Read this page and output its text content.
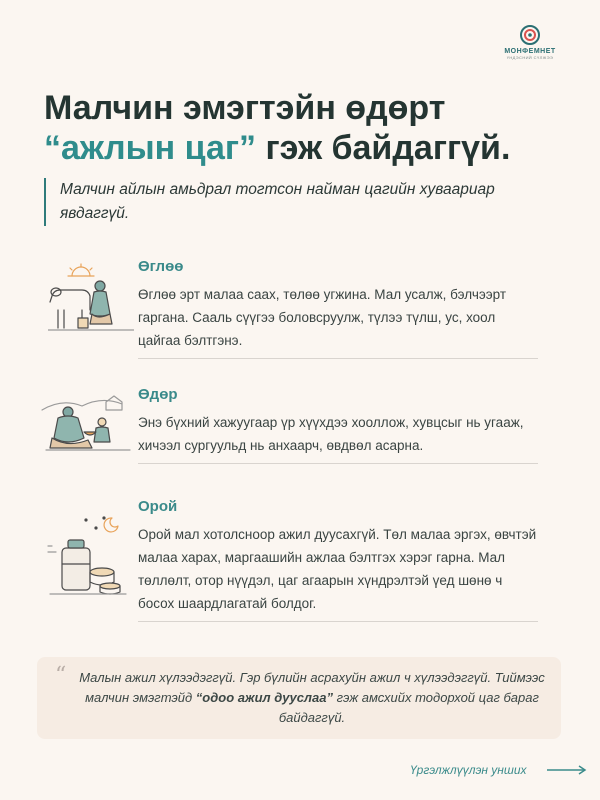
МОНФЕМНЕТ
ҮНДЭСНИЙ СҮЛЖЭЭ
Малчин эмэгтэйн өдөрт
“ажлын цаг” гэж байдаггүй.
Малчин айлын амьдрал тогтсон найман цагийн хуваариар явдаггүй.
Өглөө
Өглөө эрт малаа саах, төлөө угжина. Мал усалж, бэлчээрт гаргана. Сааль сүүгээ боловсруулж, түлээ түлш, ус, хоол цайгаа бэлтгэнэ.
Өдөр
Энэ бүхний хажуугаар үр хүүхдээ хооллож, хувцсыг нь угааж, хичээл сургуульд нь анхаарч, өвдвөл асарна.
Орой
Орой мал хотолсноор ажил дуусахгүй. Төл малаа эргэх, өвчтэй малаа харах, маргаашийн ажлаа бэлтгэх хэрэг гарна. Мал төллөлт, отор нүүдэл, цаг агаарын хүндрэлтэй үед шөнө ч босох шаардлагатай болдог.
“ Малын ажил хүлээдэггүй. Гэр бүлийн асрахуйн ажил ч хүлээдэггүй. Тиймээс малчин эмэгтэйд “одоо ажил дууслаа” гэж амсхийх тодорхой цаг бараг байдаггүй.
Үргэлжлүүлэн унших
